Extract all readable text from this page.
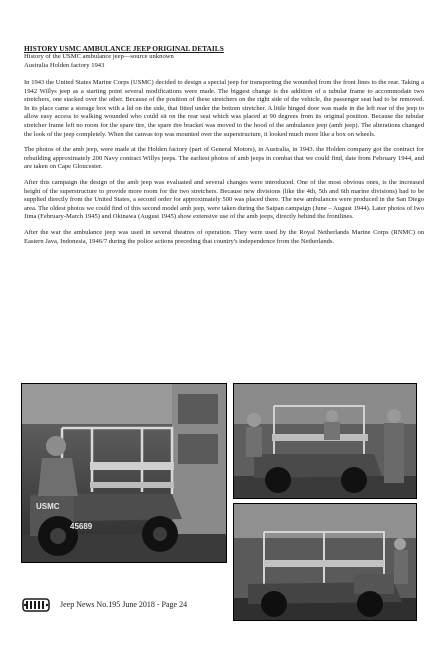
HISTORY USMC AMBULANCE JEEP ORIGINAL DETAILS

History of the USMC ambulance jeep—source unknown

Australia Holden factory 1943

In 1943 the United States Marine Corps (USMC) decided to design a special jeep for transporting the wounded from the front lines to the rear. Taking a 1942 Willys jeep as a starting point several modifications were made. The biggest change is the addition of a tubular frame to accommodate two stretchers, one stacked over the other. Because of the position of these stretchers on the right side of the vehicle, the passenger seat had to be removed. In its place came a storage box with a lid on the side, that fitted under the bottom stretcher. A little hinged door was made in the left rear of the jeep to allow easy access to walking wounded who could sit on the rear seat which was placed at 90 degrees from its original position. Because the tubular stretcher frame left no room for the spare tire, the spare tire bracket was moved to the hood of the ambulance jeep (amb jeep). The alterations changed the look of the jeep completely. When the canvas top was mounted over the superstructure, it looked much more like a box on wheels.

The photos of the amb jeep, were made at the Holden factory (part of General Motors), in Australia, in 1943. the Holden company got the contract for rebuilding approximately 200 Navy contract Willys jeeps. The earliest photos of amb jeeps in combat that we could find, date from February 1944, and are taken on Cape Gloucester.

After this campaign the design of the amb jeep was evaluated and several changes were introduced. One of the most obvious ones, is the increased height of the superstructure to provide more room for the two stretchers. Because new divisions (like the 4th, 5th and 6th marine divisions) had to be supplied directly from the United States, a second order for approximately 500 was placed there. The new ambulances were produced in the San Diego area. The oldest photos we could find of this second model amb jeep, were taken during the Saipan campaign (June – August 1944). Later photos of Iwo Jima (February-March 1945) and Okinawa (August 1945) show extensive use of the amb jeeps, directly behind the frontlines.

After the war the ambulance jeep was used in several theatres of operation. They were used by the Royal Netherlands Marine Corps (RNMC) on Eastern Java, Indonesia, 1946/7 during the police actions preceding that country's independence from the Netherlands.

USMC
45689
Jeep News No.195 June 2018 - Page 24
